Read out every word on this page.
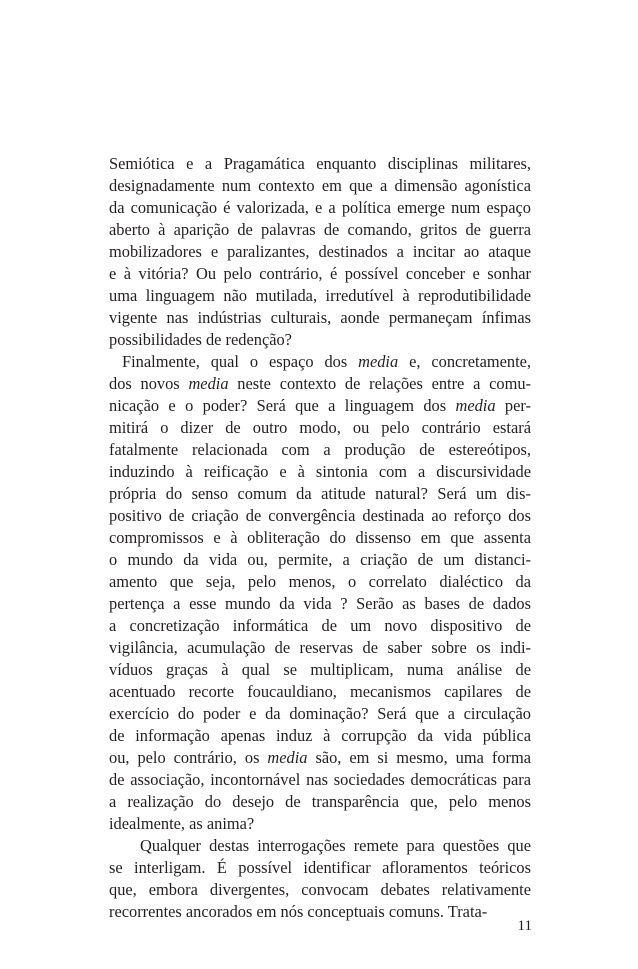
Semiótica e a Pragamática enquanto disciplinas militares,
designadamente num contexto em que a dimensão agonística
da comunicação é valorizada, e a política emerge num espaço
aberto à aparição de palavras de comando, gritos de guerra
mobilizadores e paralizantes, destinados a incitar ao ataque
e à vitória? Ou pelo contrário, é possível conceber e sonhar
uma linguagem não mutilada, irredutível à reprodutibilidade
vigente nas indústrias culturais, aonde permaneçam ínfimas
possibilidades de redenção?
Finalmente, qual o espaço dos media e, concretamente,
dos novos media neste contexto de relações entre a comu-
nicação e o poder? Será que a linguagem dos media per-
mitirá o dizer de outro modo, ou pelo contrário estará
fatalmente relacionada com a produção de estereótipos,
induzindo à reificação e à sintonia com a discursividade
própria do senso comum da atitude natural? Será um dis-
positivo de criação de convergência destinada ao reforço dos
compromissos e à obliteração do dissenso em que assenta
o mundo da vida ou, permite, a criação de um distanci-
amento que seja, pelo menos, o correlato dialéctico da
pertença a esse mundo da vida ? Serão as bases de dados
a concretização informática de um novo dispositivo de
vigilância, acumulação de reservas de saber sobre os indi-
víduos graças à qual se multiplicam, numa análise de
acentuado recorte foucauldiano, mecanismos capilares de
exercício do poder e da dominação? Será que a circulação
de informação apenas induz à corrupção da vida pública
ou, pelo contrário, os media são, em si mesmo, uma forma
de associação, incontornável nas sociedades democráticas para
a realização do desejo de transparência que, pelo menos
idealmente, as anima?
Qualquer destas interrogações remete para questões que
se interligam. É possível identificar afloramentos teóricos
que, embora divergentes, convocam debates relativamente
recorrentes ancorados em nós conceptuais comuns. Trata-
11
